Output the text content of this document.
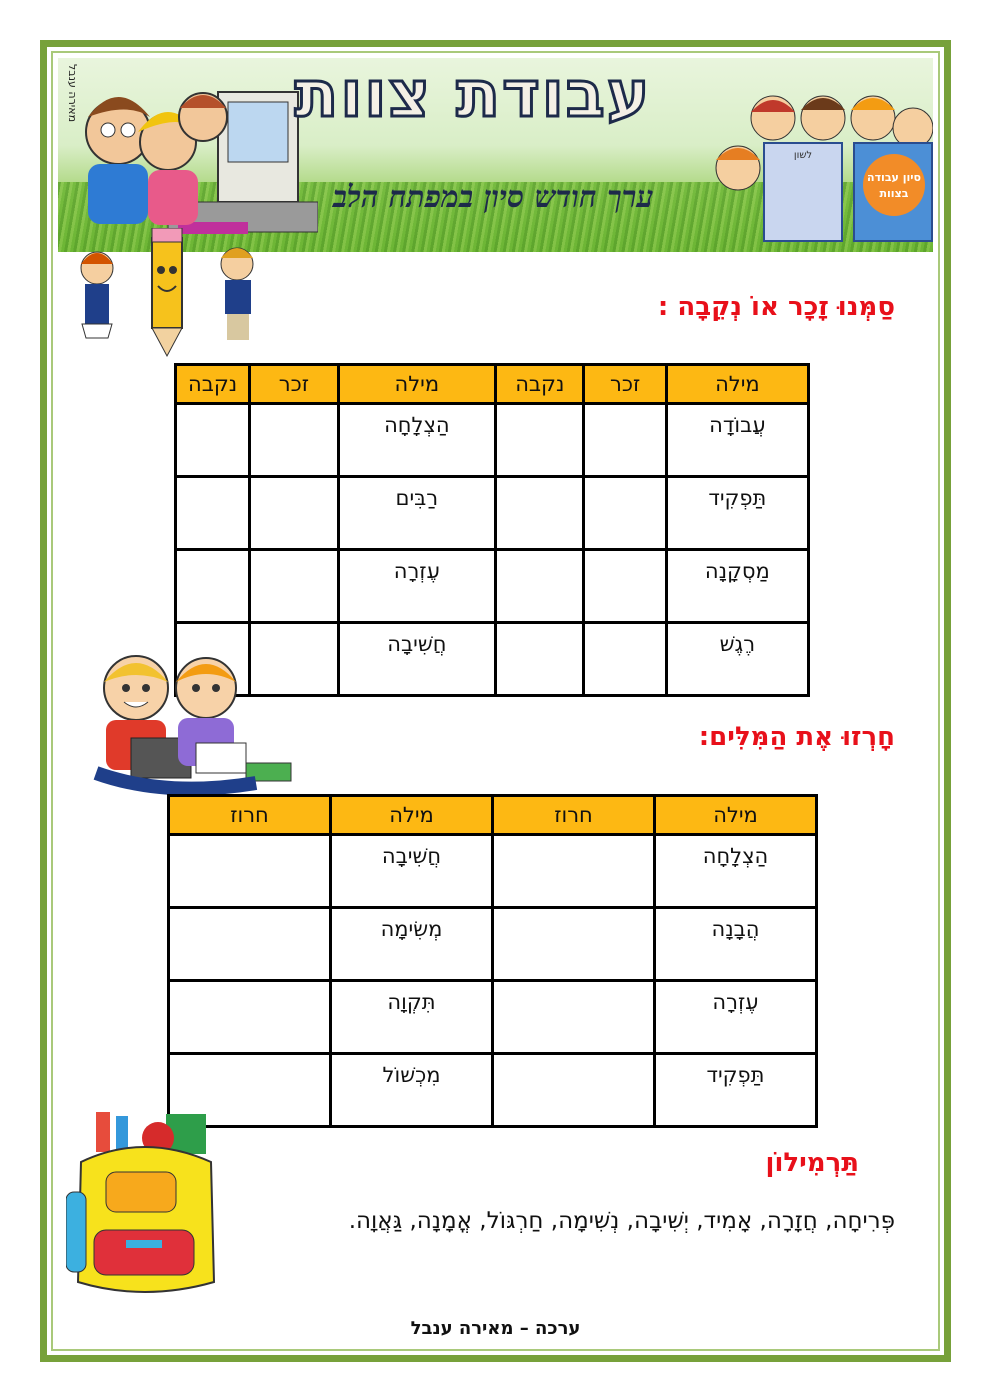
מאירה ענבל	עבודת צוות
ערך חודש סיון במפתח הלב
לשון
סיון עבודה בצוות
סַמְּנוּ זָכָר אוֹ נְקֵבָה :
מילה	זכר	נקבה	מילה	זכר	נקבה
עֲבוֹדָה			הַצְלָחָה		
תַּפְקִיד			רַבִּים		
מַסְקָנָה			עֶזְרָה		
רֶגֶשׁ			חֲשִׁיבָה		
חָרְזוּ אֶת הַמִּלִּים:
מילה	חרוז	מילה	חרוז
הַצְלָחָה		חֲשִׁיבָה	
הֲבָנָה		מְשִׂימָה	
עֶזְרָה		תִּקְוָה	
תַּפְקִיד		מִכְשׁוֹל	
תַּרְמִילוֹן
פְּרִיחָה, חֲזָרָה, אָמִיד, יְשִׁיבָה, נְשִׁימָה, חַרְגּוֹל, אֳמָנָה, גַּאֲוָה.
ערכה – מאירה ענבל
